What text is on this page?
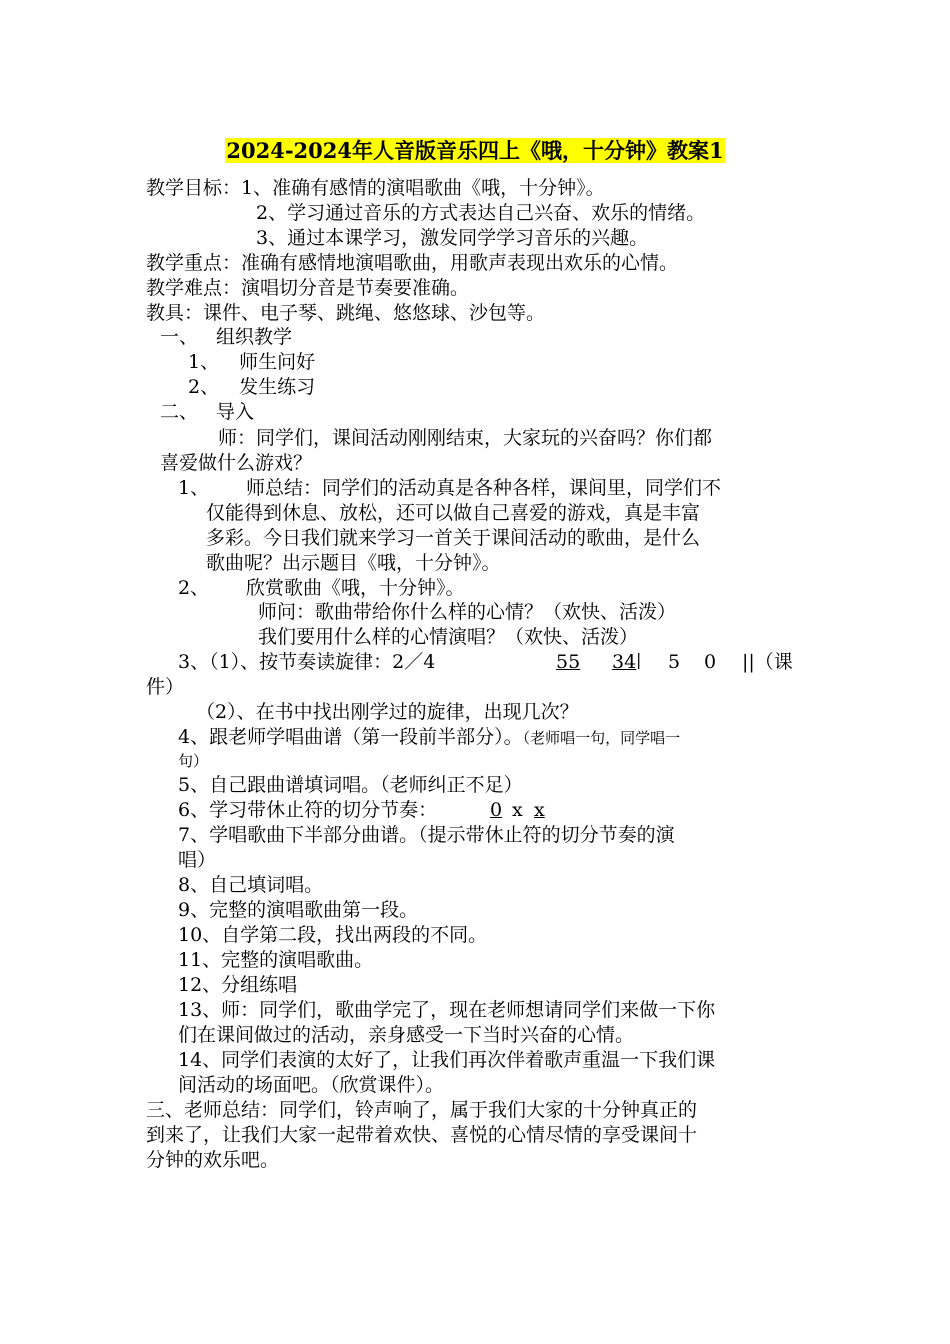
2024-2024年人音版音乐四上《哦，十分钟》教案1
教学目标：1、准确有感情的演唱歌曲《哦，十分钟》。
2、学习通过音乐的方式表达自己兴奋、欢乐的情绪。
3、通过本课学习，激发同学学习音乐的兴趣。
教学重点：准确有感情地演唱歌曲，用歌声表现出欢乐的心情。
教学难点：演唱切分音是节奏要准确。
教具：课件、电子琴、跳绳、悠悠球、沙包等。
一、 组织教学
1、 师生问好
2、 发生练习
二、 导入
师：同学们，课间活动刚刚结束，大家玩的兴奋吗？你们都
喜爱做什么游戏？
1、 师总结：同学们的活动真是各种各样，课间里，同学们不
仅能得到休息、放松，还可以做自己喜爱的游戏，真是丰富
多彩。今日我们就来学习一首关于课间活动的歌曲，是什么
歌曲呢？出示题目《哦，十分钟》。
2、 欣赏歌曲《哦，十分钟》。
师问：歌曲带给你什么样的心情？（欢快、活泼）
我们要用什么样的心情演唱？（欢快、活泼）
3、（1）、按节奏读旋律：2／4	55 34 | 5 0 ||（课
件）
（2）、在书中找出刚学过的旋律，出现几次？
4、跟老师学唱曲谱（第一段前半部分）。（老师唱一句，同学唱一
句）
5、自己跟曲谱填词唱。（老师纠正不足）
6、学习带休止符的切分节奏：	0 x x
7、学唱歌曲下半部分曲谱。（提示带休止符的切分节奏的演
唱）
8、自己填词唱。
9、完整的演唱歌曲第一段。
10、自学第二段，找出两段的不同。
11、完整的演唱歌曲。
12、分组练唱
13、师：同学们，歌曲学完了，现在老师想请同学们来做一下你
们在课间做过的活动，亲身感受一下当时兴奋的心情。
14、同学们表演的太好了，让我们再次伴着歌声重温一下我们课
间活动的场面吧。（欣赏课件）。
三、老师总结：同学们，铃声响了，属于我们大家的十分钟真正的
到来了，让我们大家一起带着欢快、喜悦的心情尽情的享受课间十
分钟的欢乐吧。
